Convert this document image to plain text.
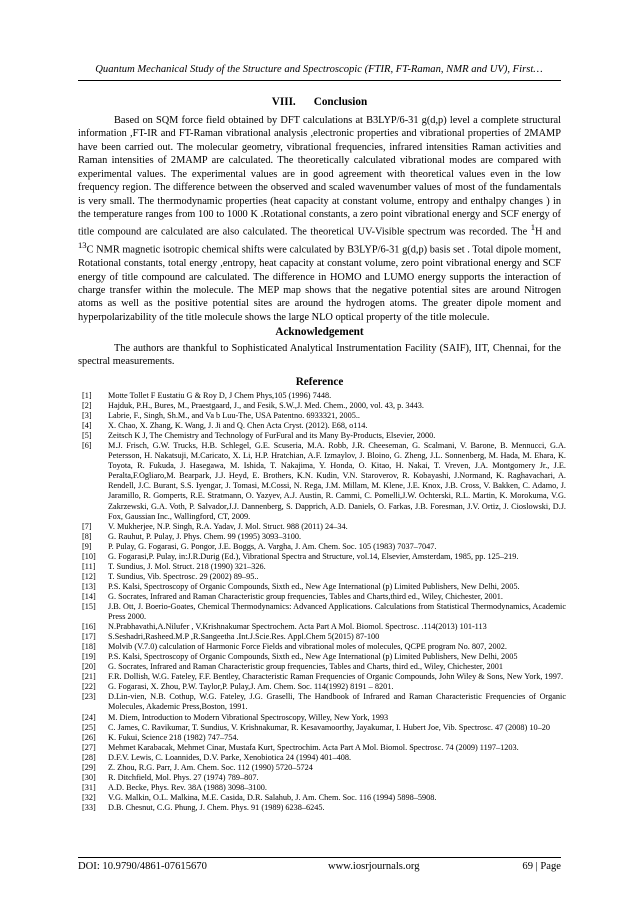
Quantum Mechanical Study of the Structure and Spectroscopic (FTIR, FT-Raman, NMR and UV), First…
VIII. Conclusion

Based on SQM force field obtained by DFT calculations at B3LYP/6-31 g(d,p) level a complete structural information ,FT-IR and FT-Raman vibrational analysis ,electronic properties and vibrational properties of 2MAMP have been carried out. The molecular geometry, vibrational frequencies, infrared intensities Raman activities and Raman intensities of 2MAMP are calculated. The theoretically calculated vibrational modes are compared with experimental values. The experimental values are in good agreement with theoretical values even in the low frequency region. The difference between the observed and scaled wavenumber values of most of the fundamentals is very small. The thermodynamic properties (heat capacity at constant volume, entropy and enthalpy changes ) in the temperature ranges from 100 to 1000 K .Rotational constants, a zero point vibrational energy and SCF energy of title compound are calculated are also calculated. The theoretical UV-Visible spectrum was recorded. The $^1$H and $^{13}$C NMR magnetic isotropic chemical shifts were calculated by B3LYP/6-31 g(d,p) basis set . Total dipole moment, Rotational constants, total energy ,entropy, heat capacity at constant volume, zero point vibrational energy and SCF energy of title compound are calculated. The difference in HOMO and LUMO energy supports the interaction of charge transfer within the molecule. The MEP map shows that the negative potential sites are around Nitrogen atoms as well as the positive potential sites are around the hydrogen atoms. The greater dipole moment and hyperpolarizability of the title molecule shows the large NLO optical property of the title molecule.

Acknowledgement

The authors are thankful to Sophisticated Analytical Instrumentation Facility (SAIF), IIT, Chennai, for the spectral measurements.

Reference
[1]	Motte Tollet F Eustatiu G & Roy D, J Chem Phys,105 (1996) 7448.
[2]	Hajduk, P.H., Bures, M., Praestgaard, J., and Fesik, S.W.,J. Med. Chem., 2000, vol. 43, p. 3443.
[3]	Labrie, F., Singh, Sh.M., and Va b Luu-The, USA Patentno. 6933321, 2005..
[4]	X. Chao, X. Zhang, K. Wang, J. Ji and Q. Chen Acta Cryst. (2012). E68, o114.
[5]	Zeitsch K J, The Chemistry and Technology of FurFural and its Many By-Products, Elsevier, 2000.
[6]	M.J. Frisch, G.W. Trucks, H.B. Schlegel, G.E. Scuseria, M.A. Robb, J.R. Cheeseman, G. Scalmani, V. Barone, B. Mennucci, G.A. Petersson, H. Nakatsuji, M.Caricato, X. Li, H.P. Hratchian, A.F. Izmaylov, J. Bloino, G. Zheng, J.L. Sonnenberg, M. Hada, M. Ehara, K. Toyota, R. Fukuda, J. Hasegawa, M. Ishida, T. Nakajima, Y. Honda, O. Kitao, H. Nakai, T. Vreven, J.A. Montgomery Jr., J.E. Peralta,F.Ogliaro,M. Bearpark, J.J. Heyd, E. Brothers, K.N. Kudin, V.N. Staroverov, R. Kobayashi, J.Normand, K. Raghavachari, A. Rendell, J.C. Burant, S.S. Iyengar, J. Tomasi, M.Cossi, N. Rega, J.M. Millam, M. Klene, J.E. Knox, J.B. Cross, V. Bakken, C. Adamo, J. Jaramillo, R. Gomperts, R.E. Stratmann, O. Yazyev, A.J. Austin, R. Cammi, C. Pomelli,J.W. Ochterski, R.L. Martin, K. Morokuma, V.G. Zakrzewski, G.A. Voth, P. Salvador,J.J. Dannenberg, S. Dapprich, A.D. Daniels, O. Farkas, J.B. Foresman, J.V. Ortiz, J. Cioslowski, D.J. Fox, Gaussian Inc., Wallingford, CT, 2009.
[7]	V. Mukherjee, N.P. Singh, R.A. Yadav, J. Mol. Struct. 988 (2011) 24–34.
[8]	G. Rauhut, P. Pulay, J. Phys. Chem. 99 (1995) 3093–3100.
[9]	P. Pulay, G. Fogarasi, G. Pongor, J.E. Boggs, A. Vargha, J. Am. Chem. Soc. 105 (1983) 7037–7047.
[10]	G. Fogarasi,P. Pulay, in:J.R.Durig (Ed.), Vibrational Spectra and Structure, vol.14, Elsevier, Amsterdam, 1985, pp. 125–219.
[11]	T. Sundius, J. Mol. Struct. 218 (1990) 321–326.
[12]	T. Sundius, Vib. Spectrosc. 29 (2002) 89–95..
[13]	P.S. Kalsi, Spectroscopy of Organic Compounds, Sixth ed., New Age International (p) Limited Publishers, New Delhi, 2005.
[14]	G. Socrates, Infrared and Raman Characteristic group frequencies, Tables and Charts,third ed., Wiley, Chichester, 2001.
[15]	J.B. Ott, J. Boerio-Goates, Chemical Thermodynamics: Advanced Applications. Calculations from Statistical Thermodynamics, Academic Press 2000.
[16]	N.Prabhavathi,A.Nilufer , V.Krishnakumar Spectrochem. Acta Part A Mol. Biomol. Spectrosc. .114(2013) 101-113
[17]	S.Seshadri,Rasheed.M.P ,R.Sangeetha .Int.J.Scie.Res. Appl.Chem 5(2015) 87-100
[18]	Molvib (V.7.0) calculation of Harmonic Force Fields and vibrational moles of molecules, QCPE program No. 807, 2002.
[19]	P.S. Kalsi, Spectroscopy of Organic Compounds, Sixth ed., New Age International (p) Limited Publishers, New Delhi, 2005
[20]	G. Socrates, Infrared and Raman Characteristic group frequencies, Tables and Charts, third ed., Wiley, Chichester, 2001
[21]	F.R. Dollish, W.G. Fateley, F.F. Bentley, Characteristic Raman Frequencies of Organic Compounds, John Wiley & Sons, New York, 1997.
[22]	G. Fogarasi, X. Zhou, P.W. Taylor,P. Pulay,J. Am. Chem. Soc. 114(1992) 8191 – 8201.
[23]	D.Lin-vien, N.B. Cothup, W.G. Fateley, J.G. Graselli, The Handbook of Infrared and Raman Characteristic Frequencies of Organic Molecules, Akademic Press,Boston, 1991.
[24]	M. Diem, Introduction to Modern Vibrational Spectroscopy, Willey, New York, 1993
[25]	C. James, C. Ravikumar, T. Sundius, V. Krishnakumar, R. Kesavamoorthy, Jayakumar, I. Hubert Joe, Vib. Spectrosc. 47 (2008) 10–20
[26]	K. Fukui, Science 218 (1982) 747–754.
[27]	Mehmet Karabacak, Mehmet Cinar, Mustafa Kurt, Spectrochim. Acta Part A Mol. Biomol. Spectrosc. 74 (2009) 1197–1203.
[28]	D.F.V. Lewis, C. Loannides, D.V. Parke, Xenobiotica 24 (1994) 401–408.
[29]	Z. Zhou, R.G. Parr, J. Am. Chem. Soc. 112 (1990) 5720–5724
[30]	R. Ditchfield, Mol. Phys. 27 (1974) 789–807.
[31]	A.D. Becke, Phys. Rev. 38A (1988) 3098–3100.
[32]	V.G. Malkin, O.L. Malkina, M.E. Casida, D.R. Salahub, J. Am. Chem. Soc. 116 (1994) 5898–5908.
[33]	D.B. Chesnut, C.G. Phung, J. Chem. Phys. 91 (1989) 6238–6245.
DOI: 10.9790/4861-07615670	www.iosrjournals.org	69 | Page
